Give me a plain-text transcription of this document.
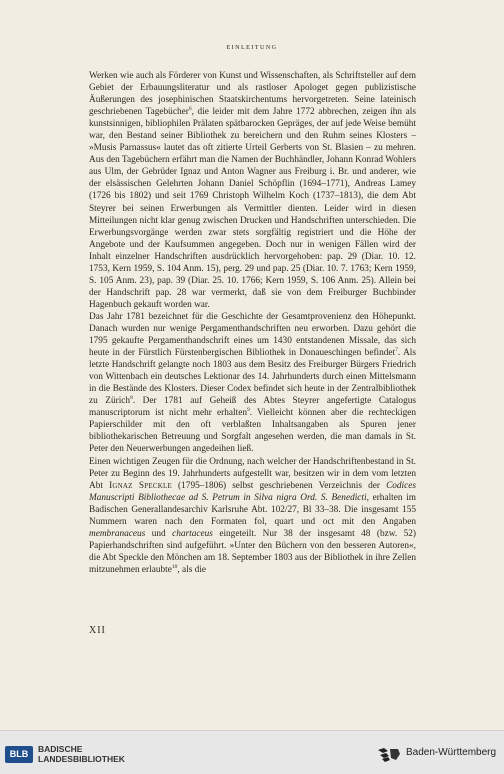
EINLEITUNG

Werken wie auch als Förderer von Kunst und Wissenschaften, als Schriftsteller auf dem Gebiet der Erbauungsliteratur und als rastloser Apologet gegen publizistische Äußerungen des josephinischen Staatskirchentums hervorgetreten. Seine lateinisch geschriebenen Tagebücher$^6$, die leider mit dem Jahre 1772 abbrechen, zeigen ihn als kunstsinnigen, bibliophilen Prälaten spätbarocken Gepräges, der auf jede Weise bemüht war, den Bestand seiner Bibliothek zu bereichern und den Ruhm seines Klosters – »Musis Parnassus« lautet das oft zitierte Urteil Gerberts von St. Blasien – zu mehren. Aus den Tagebüchern erfährt man die Namen der Buchhändler, Johann Konrad Wohlers aus Ulm, der Gebrüder Ignaz und Anton Wagner aus Freiburg i. Br. und anderer, wie der elsässischen Gelehrten Johann Daniel Schöpflin (1694–1771), Andreas Lamey (1726 bis 1802) und seit 1769 Christoph Wilhelm Koch (1737–1813), die dem Abt Steyrer bei seinen Erwerbungen als Vermittler dienten. Leider wird in diesen Mitteilungen nicht klar genug zwischen Drucken und Handschriften unterschieden. Die Erwerbungsvorgänge werden zwar stets sorgfältig registriert und die Höhe der Angebote und der Kaufsummen angegeben. Doch nur in wenigen Fällen wird der Inhalt einzelner Handschriften ausdrücklich hervorgehoben: pap. 29 (Diar. 10. 12. 1753, Kern 1959, S. 104 Anm. 15), perg. 29 und pap. 25 (Diar. 10. 7. 1763; Kern 1959, S. 105 Anm. 23), pap. 39 (Diar. 25. 10. 1766; Kern 1959, S. 106 Anm. 25). Allein bei der Handschrift pap. 28 war vermerkt, daß sie von dem Freiburger Buchbinder Hagenbuch gekauft worden war.

Das Jahr 1781 bezeichnet für die Geschichte der Gesamtprovenienz den Höhepunkt. Danach wurden nur wenige Pergamenthandschriften neu erworben. Dazu gehört die 1795 gekaufte Pergamenthandschrift eines um 1430 entstandenen Missale, das sich heute in der Fürstlich Fürstenbergischen Bibliothek in Donaueschingen befindet$^7$. Als letzte Handschrift gelangte noch 1803 aus dem Besitz des Freiburger Bürgers Friedrich von Wittenbach ein deutsches Lektionar des 14. Jahrhunderts durch einen Mittelsmann in die Bestände des Klosters. Dieser Codex befindet sich heute in der Zentralbibliothek zu Zürich$^8$. Der 1781 auf Geheiß des Abtes Steyrer angefertigte Catalogus manuscriptorum ist nicht mehr erhalten$^9$. Vielleicht können aber die rechteckigen Papierschilder mit den oft verblaßten Inhaltsangaben als Spuren jener bibliothekarischen Betreuung und Sorgfalt angesehen werden, die man damals in St. Peter den Neuerwerbungen angedeihen ließ.

Einen wichtigen Zeugen für die Ordnung, nach welcher der Handschriftenbestand in St. Peter zu Beginn des 19. Jahrhunderts aufgestellt war, besitzen wir in dem vom letzten Abt Ignaz Speckle (1795–1806) selbst geschriebenen Verzeichnis der Codices Manuscripti Bibliothecae ad S. Petrum in Silva nigra Ord. S. Benedicti, erhalten im Badischen Generallandesarchiv Karlsruhe Abt. 102/27, Bl 33–38. Die insgesamt 155 Nummern waren nach den Formaten fol, quart und oct mit den Angaben membranaceus und chartaceus eingeteilt. Nur 38 der insgesamt 48 (bzw. 52) Papierhandschriften sind aufgeführt. »Unter den Büchern von den besseren Autoren«, die Abt Speckle den Mönchen am 18. September 1803 aus der Bibliothek in ihre Zellen mitzunehmen erlaubte$^{10}$, als die

XII
BLB	BADISCHE
LANDESBIBLIOTHEK
Baden-Württemberg
